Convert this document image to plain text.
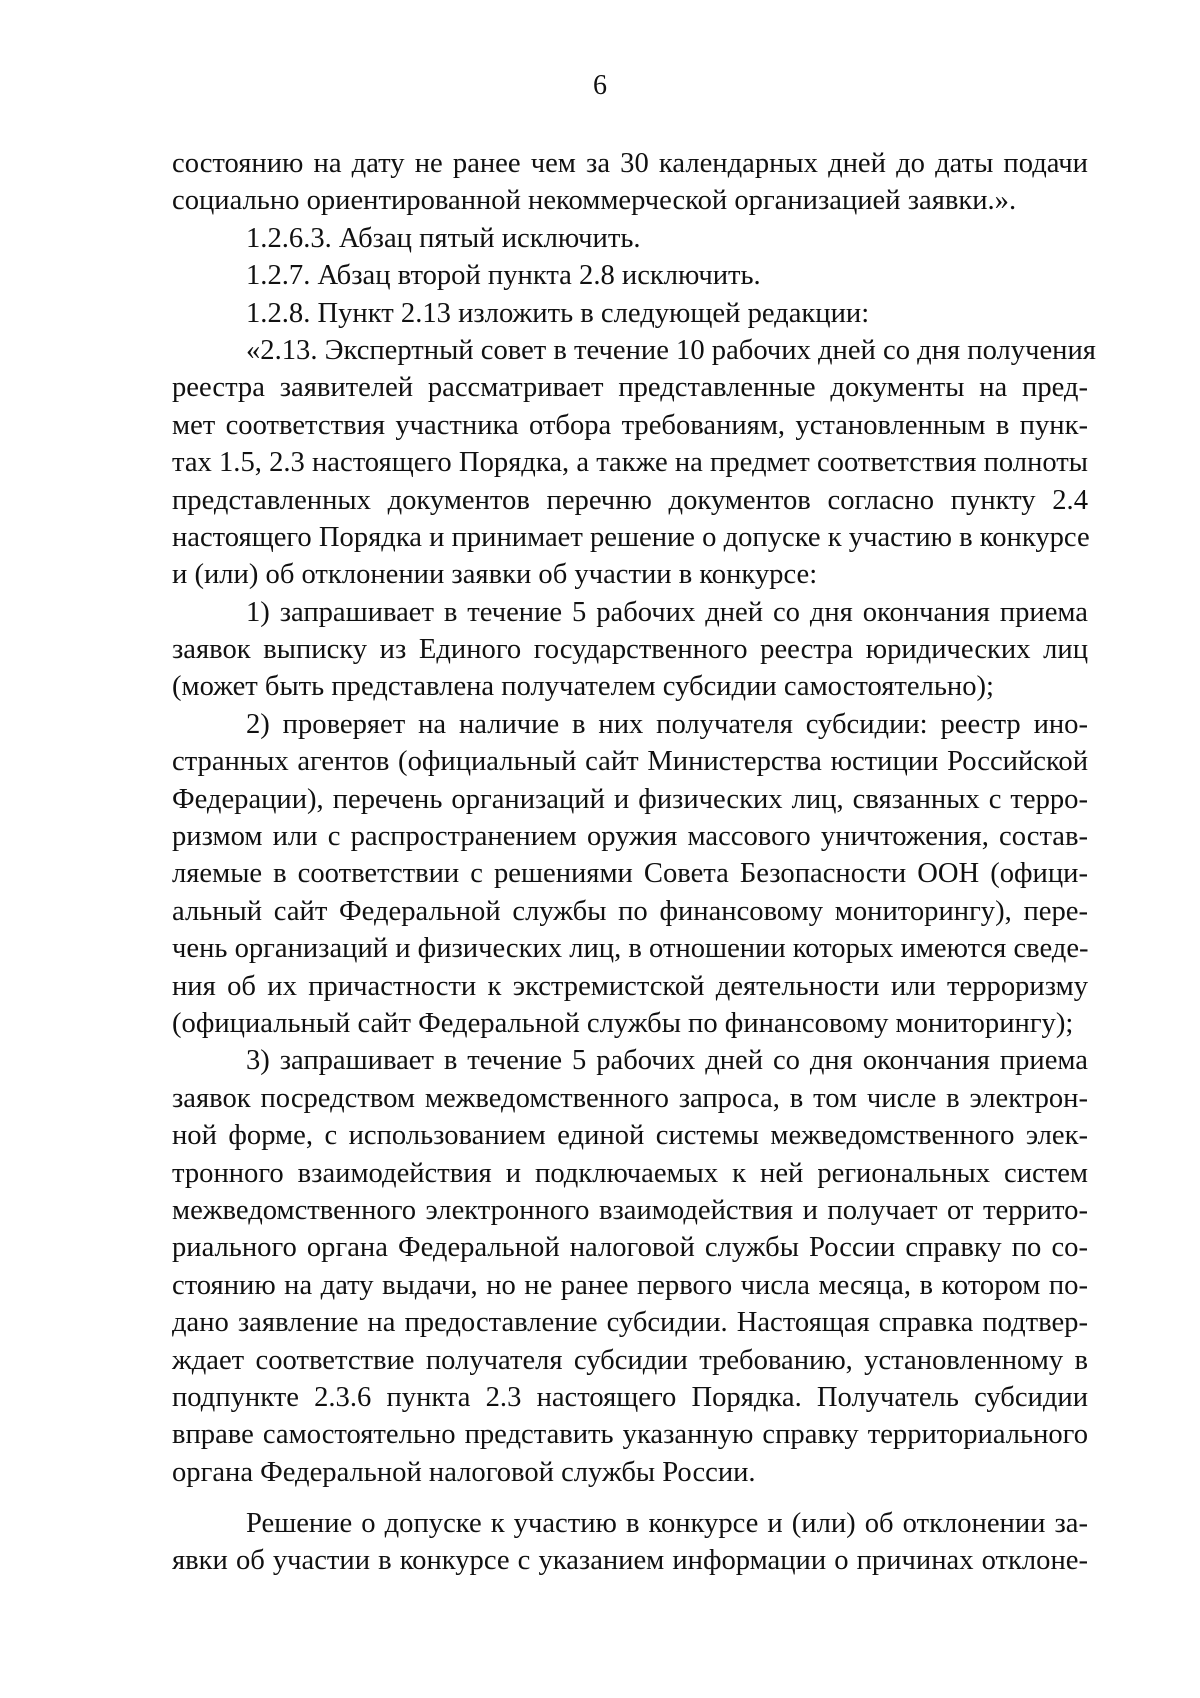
6
состоянию на дату не ранее чем за 30 календарных дней до даты подачи
социально ориентированной некоммерческой организацией заявки.».
1.2.6.3. Абзац пятый исключить.
1.2.7. Абзац второй пункта 2.8 исключить.
1.2.8. Пункт 2.13 изложить в следующей редакции:
«2.13. Экспертный совет в течение 10 рабочих дней со дня получения
реестра заявителей рассматривает представленные документы на пред-
мет соответствия участника отбора требованиям, установленным в пунк-
тах 1.5, 2.3 настоящего Порядка, а также на предмет соответствия полноты
представленных документов перечню документов согласно пункту 2.4
настоящего Порядка и принимает решение о допуске к участию в конкурсе
и (или) об отклонении заявки об участии в конкурсе:
1) запрашивает в течение 5 рабочих дней со дня окончания приема
заявок выписку из Единого государственного реестра юридических лиц
(может быть представлена получателем субсидии самостоятельно);
2) проверяет на наличие в них получателя субсидии: реестр ино-
странных агентов (официальный сайт Министерства юстиции Российской
Федерации), перечень организаций и физических лиц, связанных с терро-
ризмом или с распространением оружия массового уничтожения, состав-
ляемые в соответствии с решениями Совета Безопасности ООН (офици-
альный сайт Федеральной службы по финансовому мониторингу), пере-
чень организаций и физических лиц, в отношении которых имеются сведе-
ния об их причастности к экстремистской деятельности или терроризму
(официальный сайт Федеральной службы по финансовому мониторингу);
3) запрашивает в течение 5 рабочих дней со дня окончания приема
заявок посредством межведомственного запроса, в том числе в электрон-
ной форме, с использованием единой системы межведомственного элек-
тронного взаимодействия и подключаемых к ней региональных систем
межведомственного электронного взаимодействия и получает от террито-
риального органа Федеральной налоговой службы России справку по со-
стоянию на дату выдачи, но не ранее первого числа месяца, в котором по-
дано заявление на предоставление субсидии. Настоящая справка подтвер-
ждает соответствие получателя субсидии требованию, установленному в
подпункте 2.3.6 пункта 2.3 настоящего Порядка. Получатель субсидии
вправе самостоятельно представить указанную справку территориального
органа Федеральной налоговой службы России.
Решение о допуске к участию в конкурсе и (или) об отклонении за-
явки об участии в конкурсе с указанием информации о причинах отклоне-
